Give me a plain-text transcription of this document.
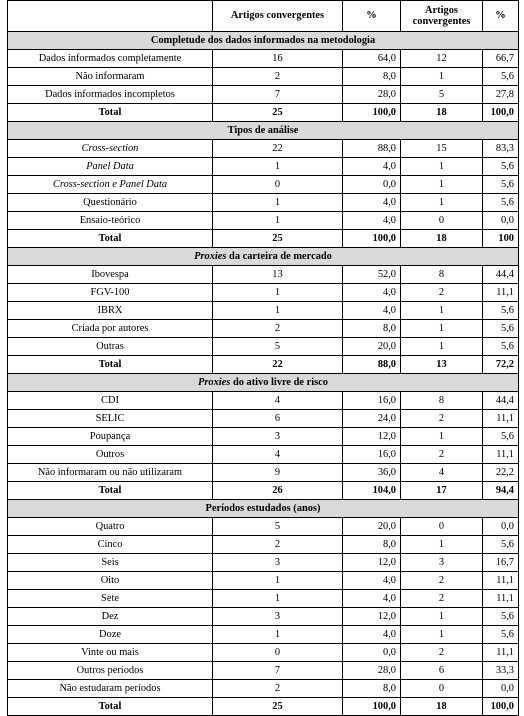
	Artigos convergentes	%	Artigos convergentes	%
Completude dos dados informados na metodologia				
Dados informados completamente	16	64,0	12	66,7
Não informaram	2	8,0	1	5,6
Dados informados incompletos	7	28,0	5	27,8
Total	25	100,0	18	100,0
Tipos de análise				
Cross-section	22	88,0	15	83,3
Panel Data	1	4,0	1	5,6
Cross-section e Panel Data	0	0,0	1	5,6
Questionário	1	4,0	1	5,6
Ensaio-teórico	1	4,0	0	0,0
Total	25	100,0	18	100
Proxies da carteira de mercado				
Ibovespa	13	52,0	8	44,4
FGV-100	1	4,0	2	11,1
IBRX	1	4,0	1	5,6
Criada por autores	2	8,0	1	5,6
Outras	5	20,0	1	5,6
Total	22	88,0	13	72,2
Proxies do ativo livre de risco				
CDI	4	16,0	8	44,4
SELIC	6	24,0	2	11,1
Poupança	3	12,0	1	5,6
Outros	4	16,0	2	11,1
Não informaram ou não utilizaram	9	36,0	4	22,2
Total	26	104,0	17	94,4
Períodos estudados (anos)				
Quatro	5	20,0	0	0,0
Cinco	2	8,0	1	5,6
Seis	3	12,0	3	16,7
Oito	1	4,0	2	11,1
Sete	1	4,0	2	11,1
Dez	3	12,0	1	5,6
Doze	1	4,0	1	5,6
Vinte ou mais	0	0,0	2	11,1
Outros períodos	7	28,0	6	33,3
Não estudaram períodos	2	8,0	0	0,0
Total	25	100,0	18	100,0
